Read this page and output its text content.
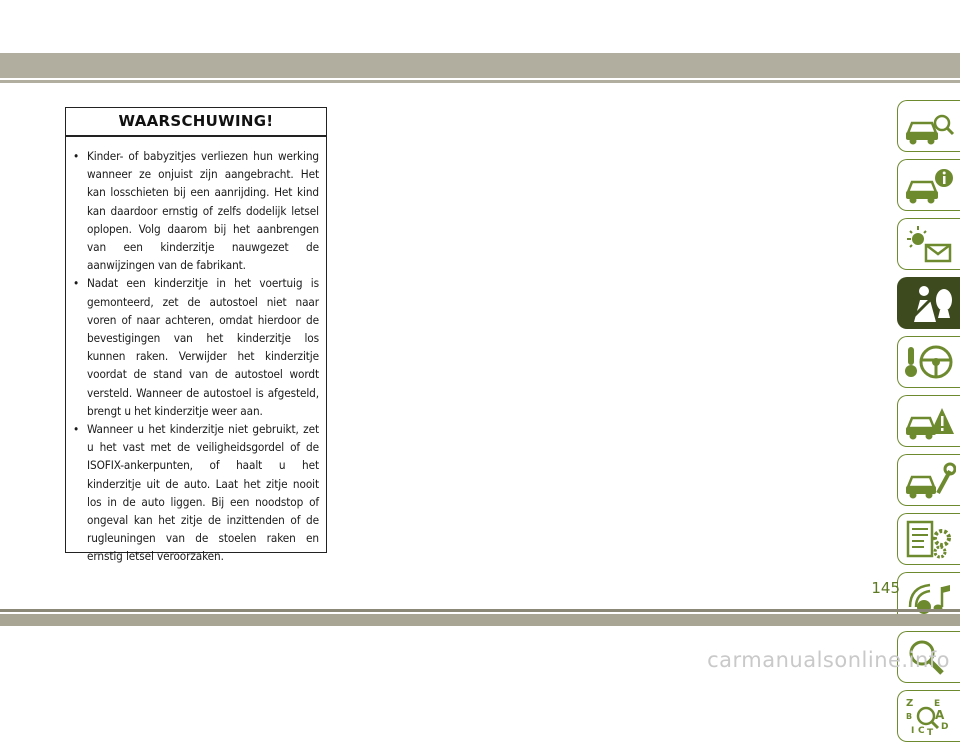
WAARSCHUWING!
• Kinder- of babyzitjes verliezen hun werking wanneer ze onjuist zijn aangebracht. Het kan losschieten bij een aanrijding. Het kind kan daardoor ernstig of zelfs dodelijk letsel oplopen. Volg daarom bij het aanbrengen van een kinderzitje nauwgezet de aanwijzingen van de fabrikant.
• Nadat een kinderzitje in het voertuig is gemonteerd, zet de autostoel niet naar voren of naar achteren, omdat hierdoor de bevestigingen van het kinderzitje los kunnen raken. Verwijder het kinderzitje voordat de stand van de autostoel wordt versteld. Wanneer de autostoel is afgesteld, brengt u het kinderzitje weer aan.
• Wanneer u het kinderzitje niet gebruikt, zet u het vast met de veiligheidsgordel of de ISOFIX-ankerpunten, of haalt u het kinderzitje uit de auto. Laat het zitje nooit los in de auto liggen. Bij een noodstop of ongeval kan het zitje de inzittenden of de rugleuningen van de stoelen raken en ernstig letsel veroorzaken.
Z E
B A
I C T
D
145
carmanualsonline.info
